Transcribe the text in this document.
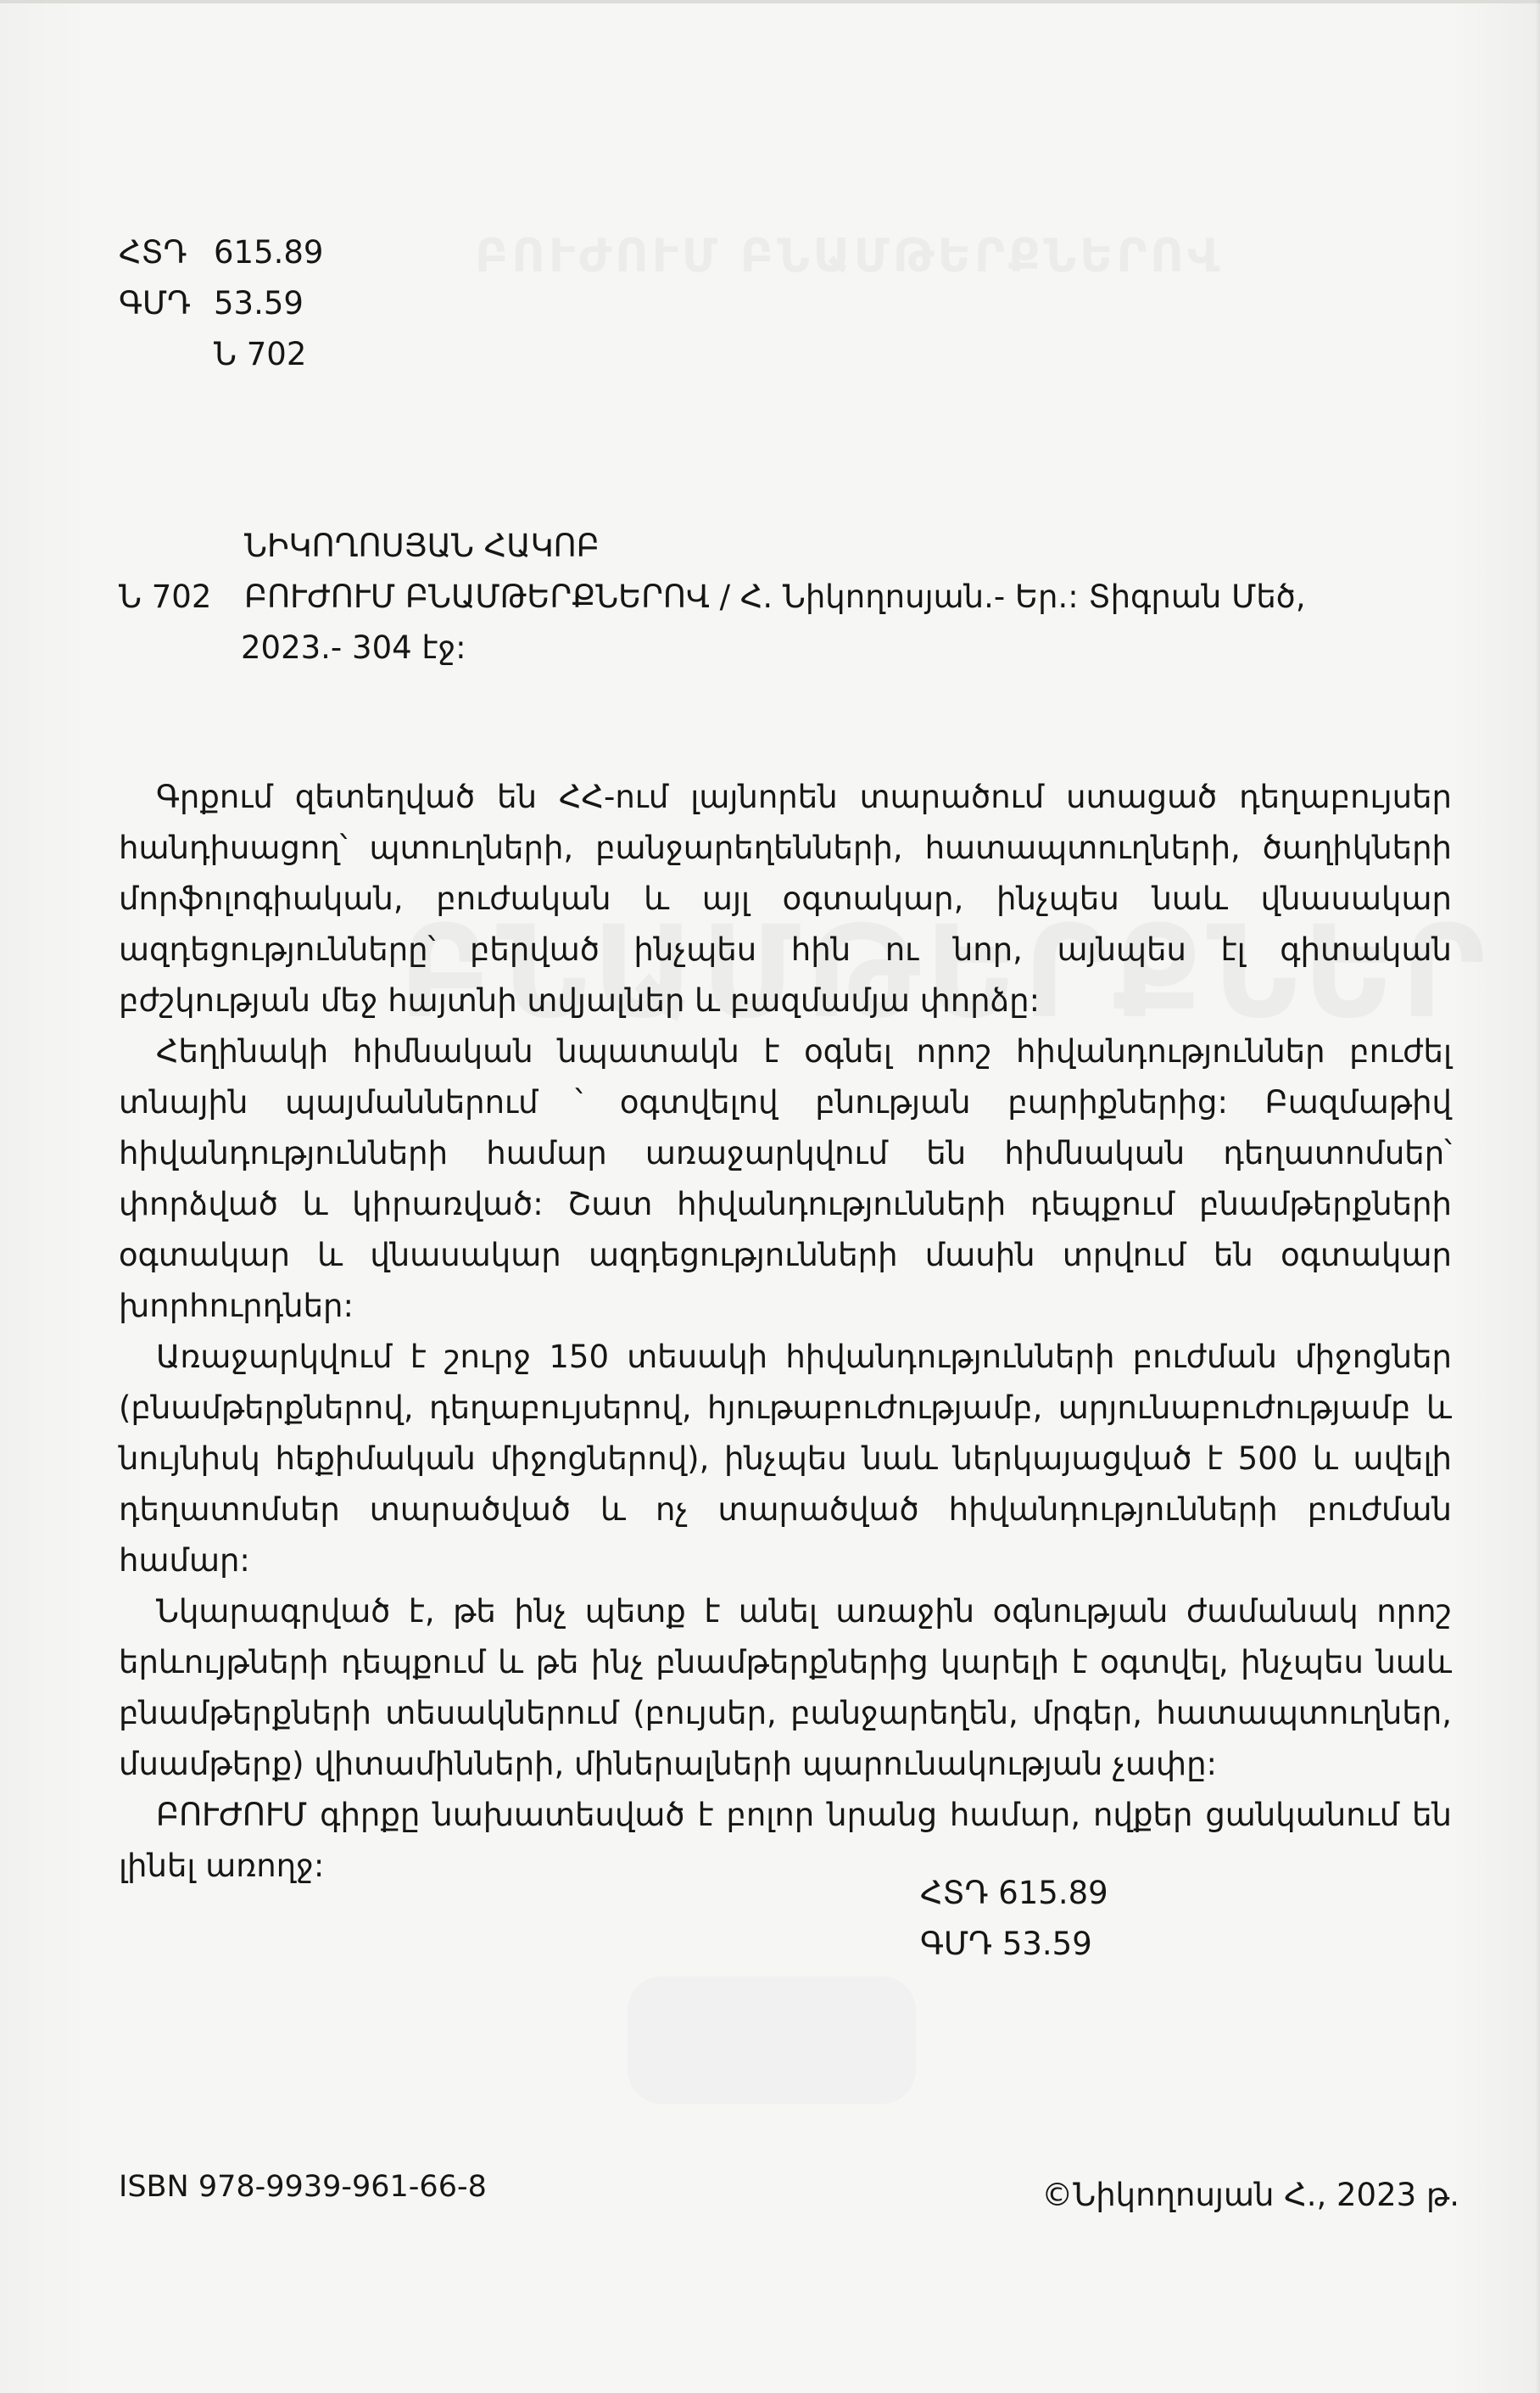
ՀՏԴ 615.89
ԳՄԴ 53.59
Ն 702
ՆԻԿՈՂՈՍՅԱՆ ՀԱԿՈԲ
Ն 702 ԲՈՒԺՈՒՄ ԲՆԱՄԹԵՐՔՆԵՐՈՎ / Հ. Նիկողոսյան.- Եր.: Տիգրան Մեծ,
2023.- 304 էջ:

Գրքում զետեղված են ՀՀ-ում լայնորեն տարածում ստացած դեղաբույսեր հանդիսացող՝ պտուղների, բանջարեղենների, հատապտուղների, ծաղիկների մորֆոլոգիական, բուժական և այլ օգտակար, ինչպես նաև վնասակար ազդեցությունները՝ բերված ինչպես հին ու նոր, այնպես էլ գիտական բժշկության մեջ հայտնի տվյալներ և բազմամյա փորձը:

Հեղինակի հիմնական նպատակն է օգնել որոշ հիվանդություններ բուժել տնային պայմաններում ՝ օգտվելով բնության բարիքներից: Բազմաթիվ հիվանդությունների համար առաջարկվում են հիմնական դեղատոմսեր՝ փորձված և կիրառված: Շատ հիվանդությունների դեպքում բնամթերքների օգտակար և վնասակար ազդեցությունների մասին տրվում են օգտակար խորհուրդներ:

Առաջարկվում է շուրջ 150 տեսակի հիվանդությունների բուժման միջոցներ (բնամթերքներով, դեղաբույսերով, հյութաբուժությամբ, արյունաբուժությամբ և նույնիսկ հեքիմական միջոցներով), ինչպես նաև ներկայացված է 500 և ավելի դեղատոմսեր տարածված և ոչ տարածված հիվանդությունների բուժման համար:

Նկարագրված է, թե ինչ պետք է անել առաջին օգնության ժամանակ որոշ երևույթների դեպքում և թե ինչ բնամթերքներից կարելի է օգտվել, ինչպես նաև բնամթերքների տեսակներում (բույսեր, բանջարեղեն, մրգեր, հատապտուղներ, մսամթերք) վիտամինների, միներալների պարունակության չափը:

ԲՈՒԺՈՒՄ գիրքը նախատեսված է բոլոր նրանց համար, ովքեր ցանկանում են լինել առողջ:

ՀՏԴ 615.89
ԳՄԴ 53.59
ISBN 978-9939-961-66-8	©Նիկողոսյան Հ., 2023 թ.
